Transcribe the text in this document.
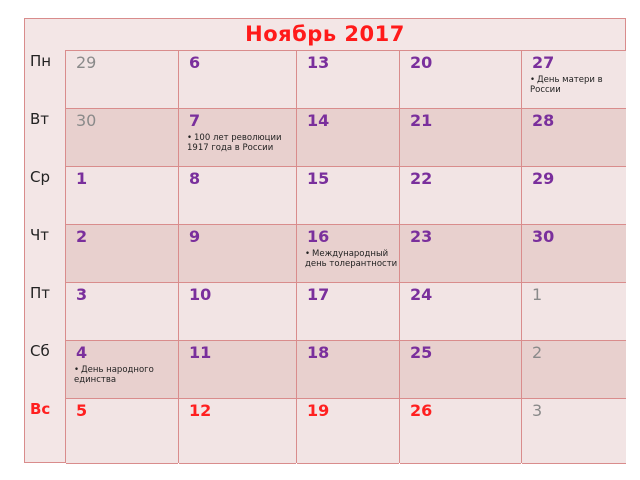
Ноябрь 2017
Пн
Вт
Ср
Чт
Пт
Сб
Вс
29
30
1
2
3
4
• День народного единства
5
6
7
• 100 лет революции 1917 года в России
8
9
10
11
12
13
14
15
16
• Международный день толерантности
17
18
19
20
21
22
23
24
25
26
27
• День матери в России
28
29
30
1
2
3
